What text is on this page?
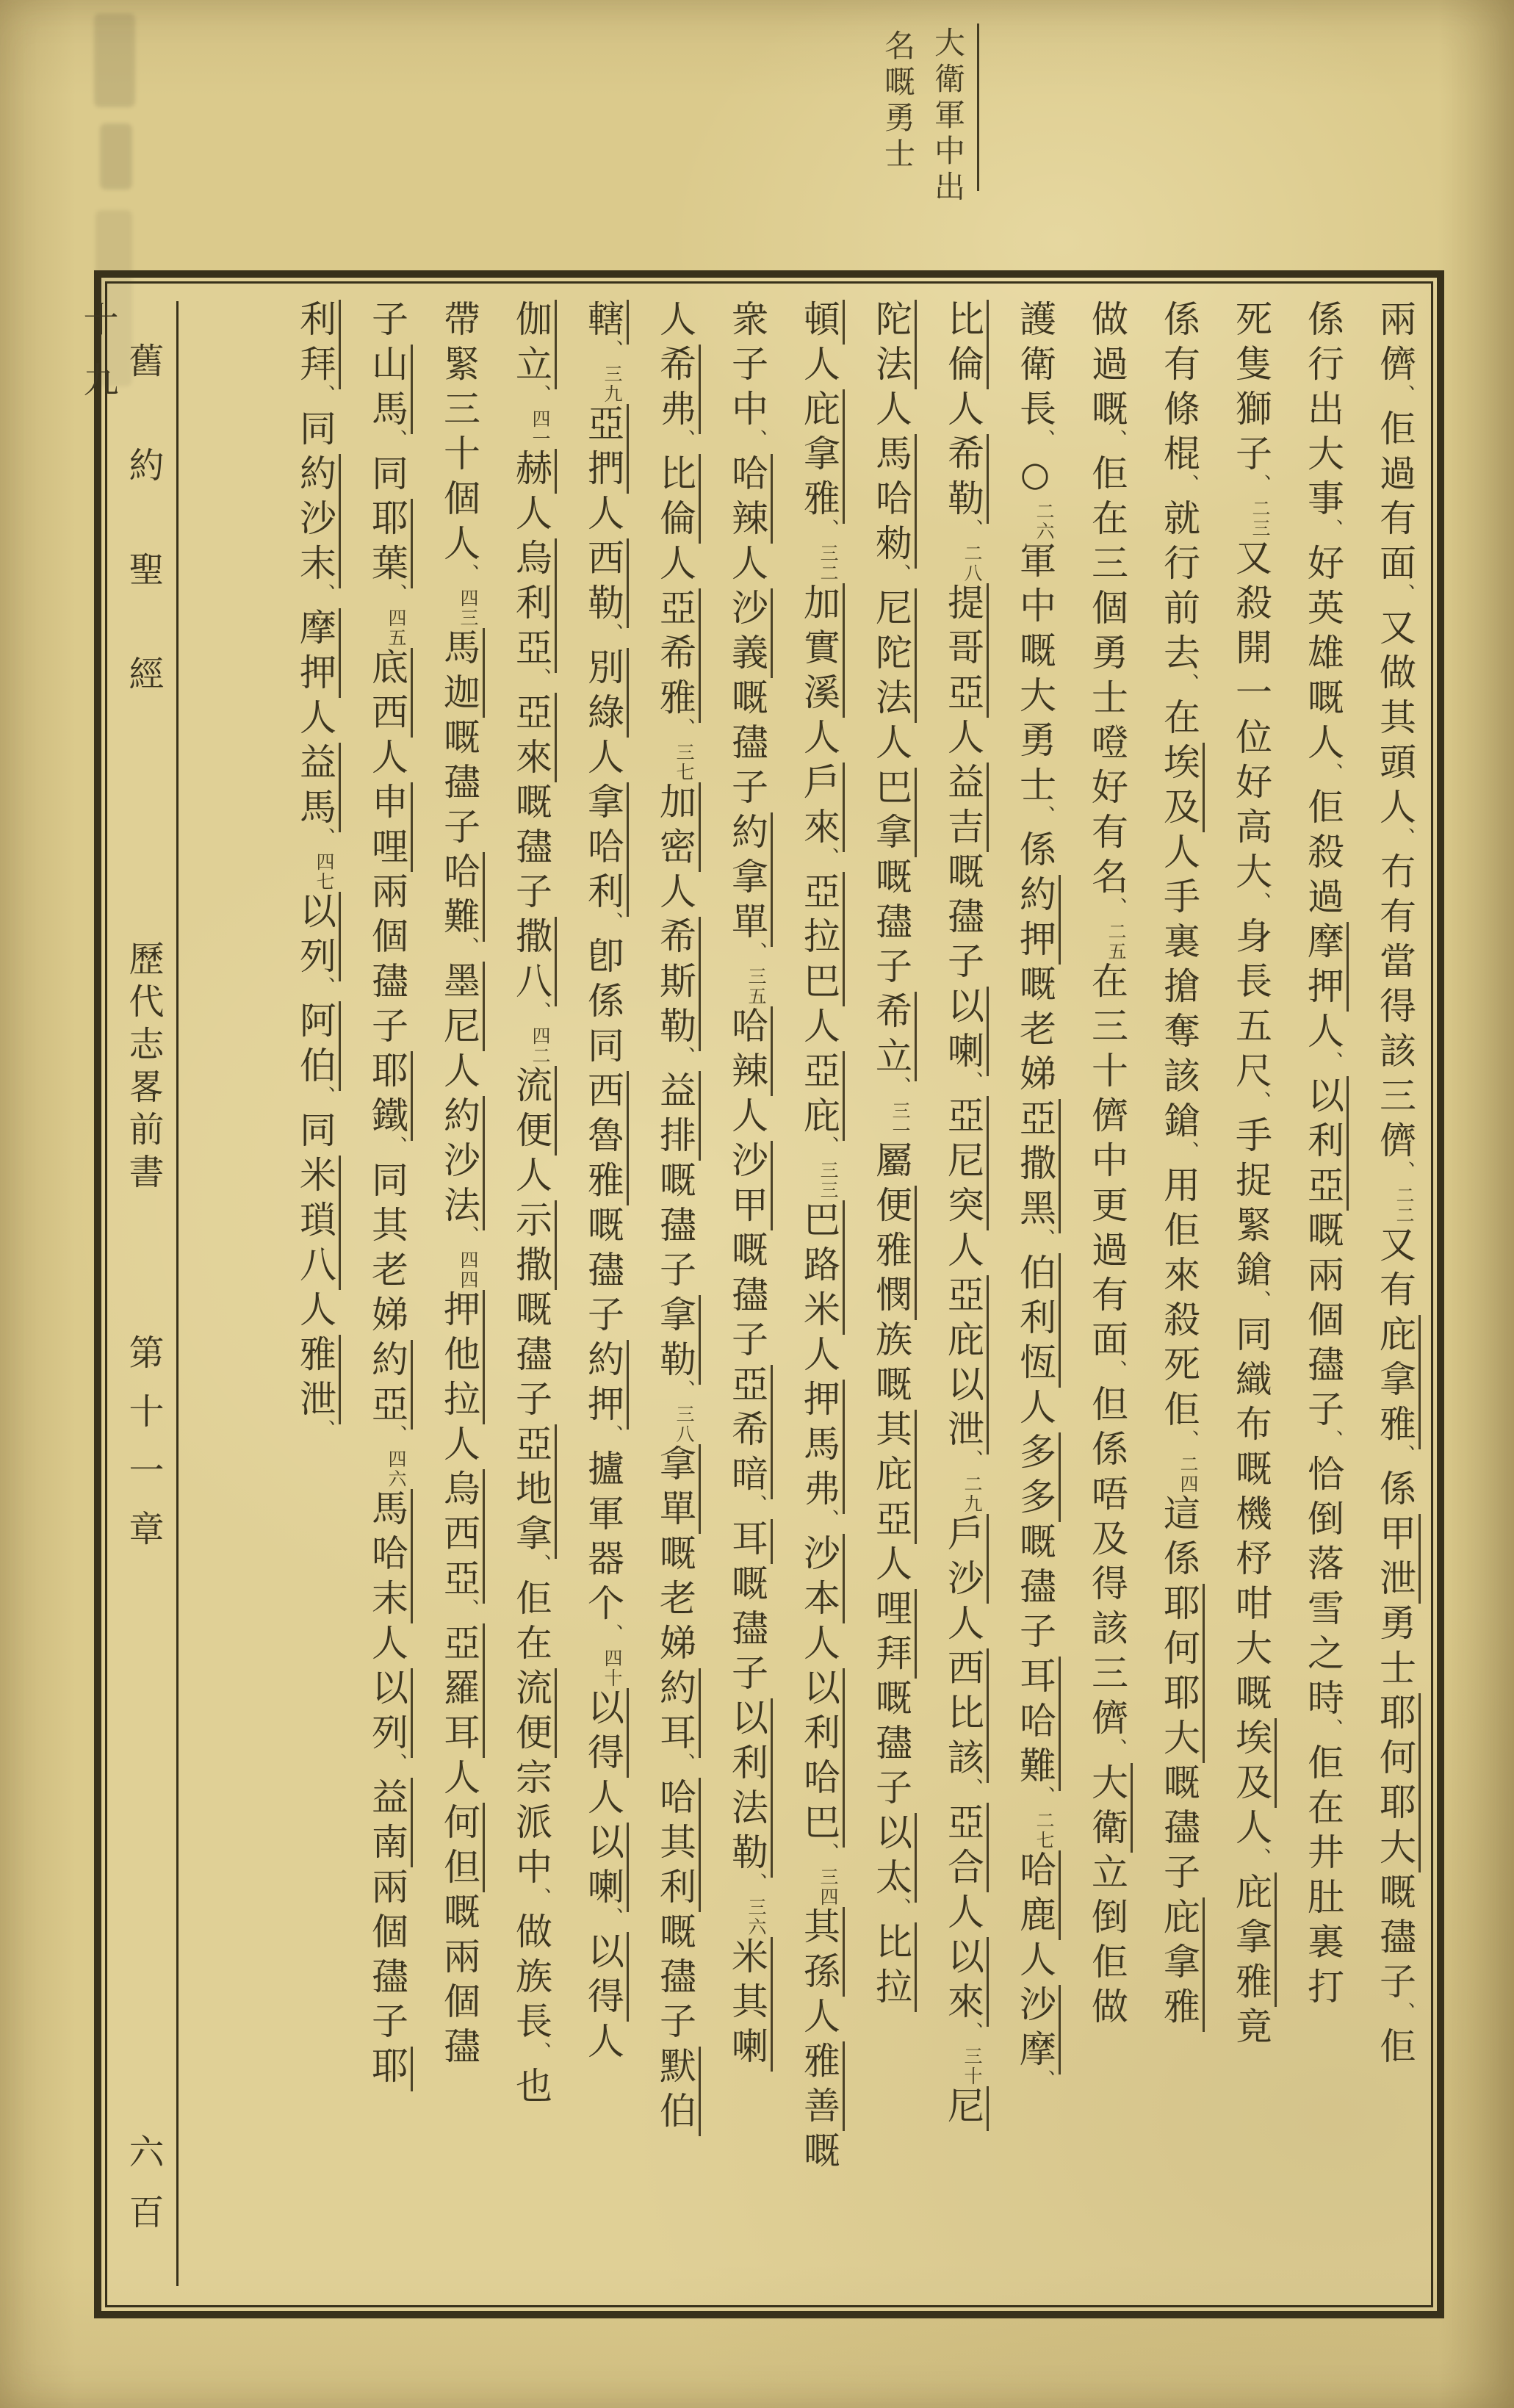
大衛軍中出
名嘅勇士
兩儕、佢過有面、又做其頭人、冇有當得該三儕、二二又有庇拿雅、係甲泄勇士耶何耶大嘅孻子、佢
係行出大事、好英雄嘅人、佢殺過摩押人、以利亞嘅兩個孻子、恰倒落雪之時、佢在井肚裏打
死隻獅子、二三又殺開一位好高大、身長五尺、手捉緊鎗、同織布嘅機杼咁大嘅埃及人、庇拿雅竟
係有條棍、就行前去、在埃及人手裏搶奪該鎗、用佢來殺死佢、二四這係耶何耶大嘅孻子庇拿雅
做過嘅、佢在三個勇士噔好有名、二五在三十儕中更過有面、但係唔及得該三儕、大衛立倒佢做
護衛長、○二六軍中嘅大勇士、係約押嘅老娣亞撒黑、伯利恆人多多嘅孻子耳哈難、二七哈鹿人沙摩、
比倫人希勒、二八提哥亞人益吉嘅孻子以喇、亞尼突人亞庇以泄、二九戶沙人西比該、亞合人以來、三十尼
陀法人馬哈勑、尼陀法人巴拿嘅孻子希立、三一屬便雅憫族嘅其庇亞人哩拜嘅孻子以太、比拉
頓人庇拿雅、三二加實溪人戶來、亞拉巴人亞庇、三三巴路米人押馬弗、沙本人以利哈巴、三四其孫人雅善嘅
衆子中、哈辣人沙義嘅孻子約拿單、三五哈辣人沙甲嘅孻子亞希暗、耳嘅孻子以利法勒、三六米其喇
人希弗、比倫人亞希雅、三七加密人希斯勒、益排嘅孻子拿勒、三八拿單嘅老娣約耳、哈其利嘅孻子默伯
轄、三九亞捫人西勒、別綠人拿哈利、卽係同西魯雅嘅孻子約押、攎軍器个、四十以得人以喇、以得人
伽立、四一赫人烏利亞、亞來嘅孻子撒八、四二流便人示撒嘅孻子亞地拿、佢在流便宗派中、做族長、也
帶緊三十個人、四三馬迦嘅孻子哈難、墨尼人約沙法、四四押他拉人烏西亞、亞羅耳人何但嘅兩個孻
子山馬、同耶葉、四五底西人申哩兩個孻子耶鐵、同其老娣約亞、四六馬哈末人以列、益南兩個孻子耶
利拜、同約沙末、摩押人益馬、四七以列、阿伯、同米瑣八人雅泄、
舊約聖經 歷代志畧前書 第十一章 六百十九
